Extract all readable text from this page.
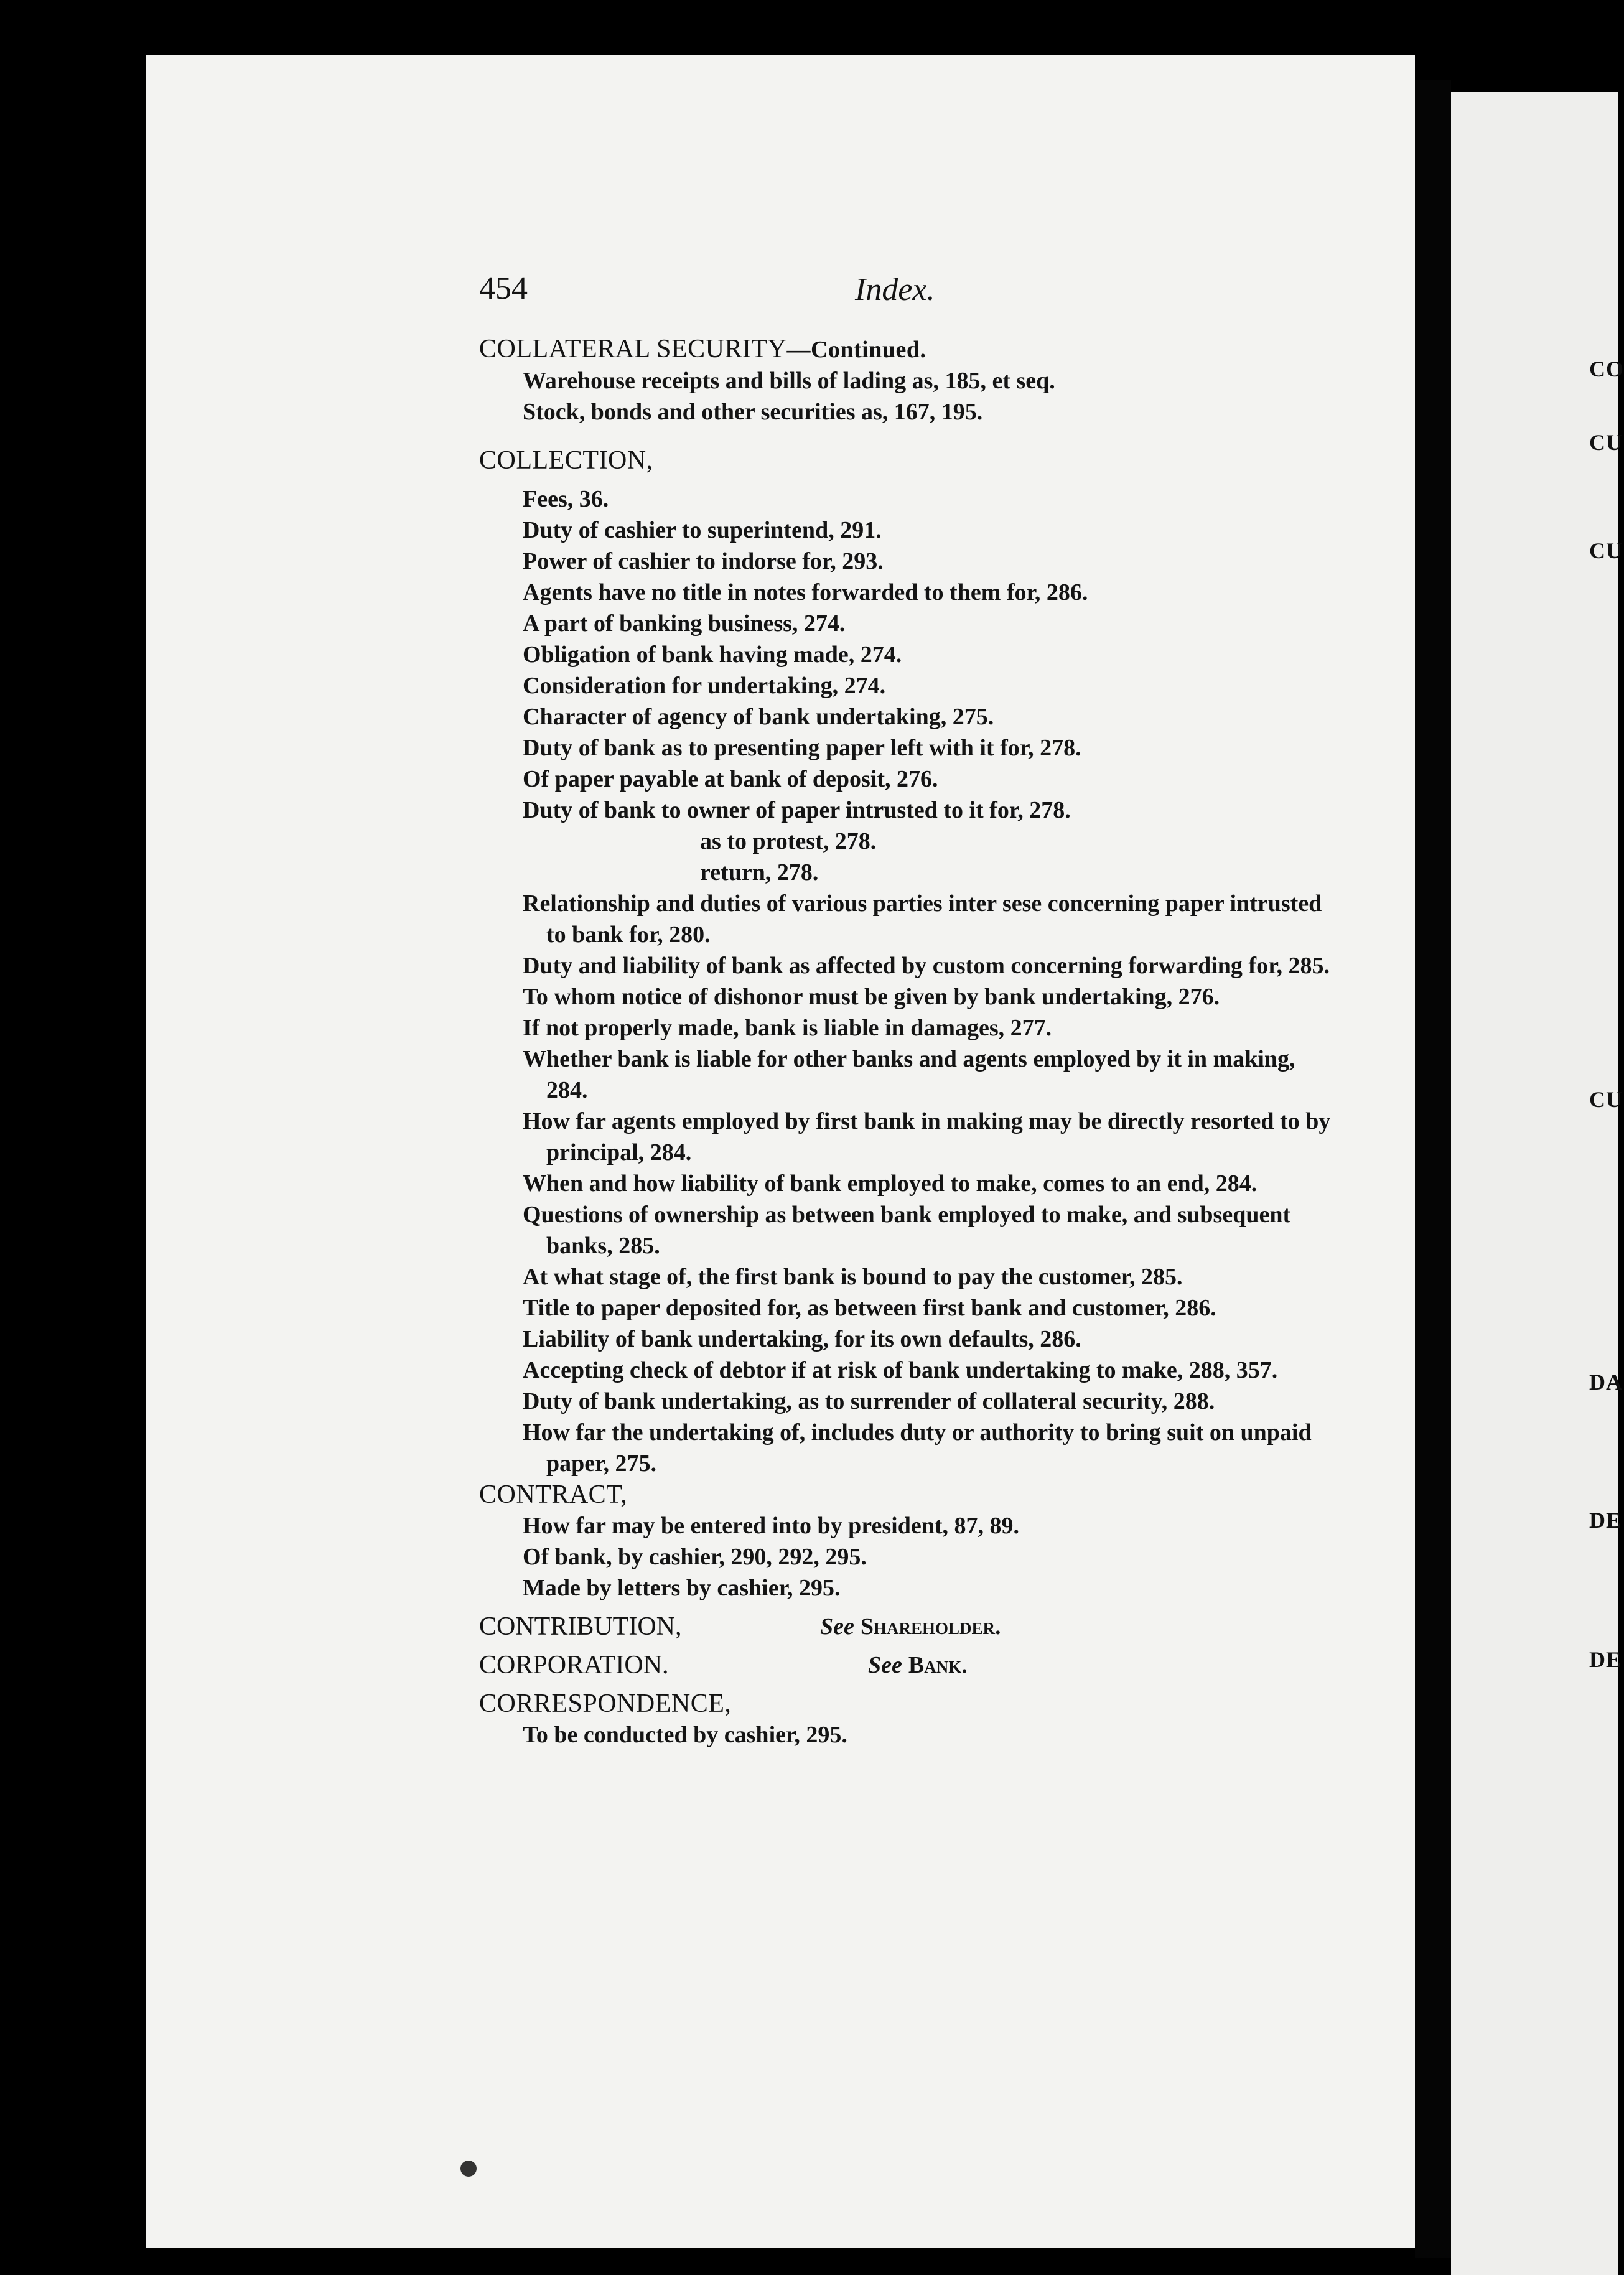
CO
CU
CU
CU
DA
DE
DE
454	Index.
COLLATERAL SECURITY—Continued.
Warehouse receipts and bills of lading as, 185, et seq.
Stock, bonds and other securities as, 167, 195.
COLLECTION,
Fees, 36.
Duty of cashier to superintend, 291.
Power of cashier to indorse for, 293.
Agents have no title in notes forwarded to them for, 286.
A part of banking business, 274.
Obligation of bank having made, 274.
Consideration for undertaking, 274.
Character of agency of bank undertaking, 275.
Duty of bank as to presenting paper left with it for, 278.
Of paper payable at bank of deposit, 276.
Duty of bank to owner of paper intrusted to it for, 278.
as to protest, 278.
return, 278.
Relationship and duties of various parties inter sese concerning paper intrusted to bank for, 280.
Duty and liability of bank as affected by custom concerning forwarding for, 285.
To whom notice of dishonor must be given by bank undertaking, 276.
If not properly made, bank is liable in damages, 277.
Whether bank is liable for other banks and agents employed by it in making, 284.
How far agents employed by first bank in making may be directly resorted to by principal, 284.
When and how liability of bank employed to make, comes to an end, 284.
Questions of ownership as between bank employed to make, and subsequent banks, 285.
At what stage of, the first bank is bound to pay the customer, 285.
Title to paper deposited for, as between first bank and customer, 286.
Liability of bank undertaking, for its own defaults, 286.
Accepting check of debtor if at risk of bank undertaking to make, 288, 357.
Duty of bank undertaking, as to surrender of collateral security, 288.
How far the undertaking of, includes duty or authority to bring suit on unpaid paper, 275.
CONTRACT,
How far may be entered into by president, 87, 89.
Of bank, by cashier, 290, 292, 295.
Made by letters by cashier, 295.
CONTRIBUTION,	See Shareholder.
CORPORATION.	See Bank.
CORRESPONDENCE,
To be conducted by cashier, 295.
